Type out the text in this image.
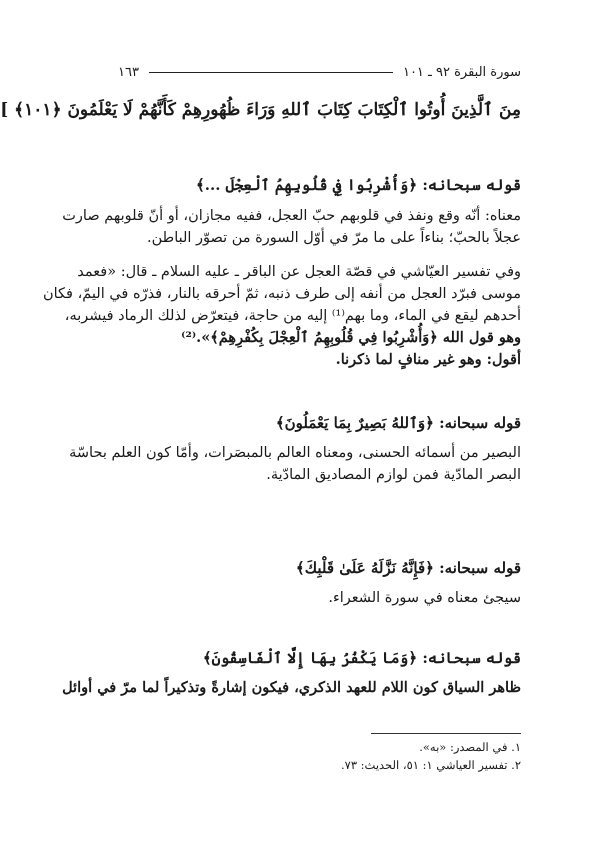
سورة البقرة ٩٢ ـ ١٠١
١٦٣
مِنَ ٱلَّذِينَ أُوتُوا ٱلْكِتَابَ كِتَابَ ٱللهِ وَرَاءَ ظُهُورِهِمْ كَأَنَّهُمْ لَا يَعْلَمُونَ ﴿١٠١﴾ ]
قوله سبحانه: ﴿وَأُشْرِبُوا فِي قُلُوبِهِمُ ٱلْعِجْلَ ...﴾
معناه: أنّه وقع ونفذ في قلوبهم حبّ العجل، ففيه مجازان، أو أنّ قلوبهم صارت
عجلاً بالحبّ؛ بناءاً على ما مرّ في أوّل السورة من تصوّر الباطن.
وفي تفسير العيّاشي في قصّة العجل عن الباقر ـ عليه السلام ـ قال: «فعمد
موسى فبرّد العجل من أنفه إلى طرف ذنبه، ثمّ أحرقه بالنار، فذرّه في اليمّ، فكان
أحدهم ليقع في الماء، وما بهم⁽¹⁾ إليه من حاجة، فيتعرّض لذلك الرماد فيشربه،
وهو قول الله ﴿وَأُشْرِبُوا فِي قُلُوبِهِمُ ٱلْعِجْلَ بِكُفْرِهِمْ﴾».⁽²⁾
أقول: وهو غير منافٍ لما ذكرنا.
قوله سبحانه: ﴿وَٱللهُ بَصِيرٌ بِمَا يَعْمَلُونَ﴾
البصير من أسمائه الحسنى، ومعناه العالم بالمبصَرات، وأمّا كون العلم بحاسّة
البصر المادّية فمن لوازم المصاديق المادّية.
قوله سبحانه: ﴿فَإِنَّهُ نَزَّلَهُ عَلَىٰ قَلْبِكَ﴾
سيجئ معناه في سورة الشعراء.
قوله سبحانه: ﴿وَمَا يَكْفُرُ بِهَا إِلَّا ٱلْفَاسِقُونَ﴾
ظاهر السياق كون اللام للعهد الذكري، فيكون إشارةً وتذكيراً لما مرّ في أوائل
١. في المصدر: «به».
٢. تفسير العياشي ١: ٥١، الحديث: ٧٣.
